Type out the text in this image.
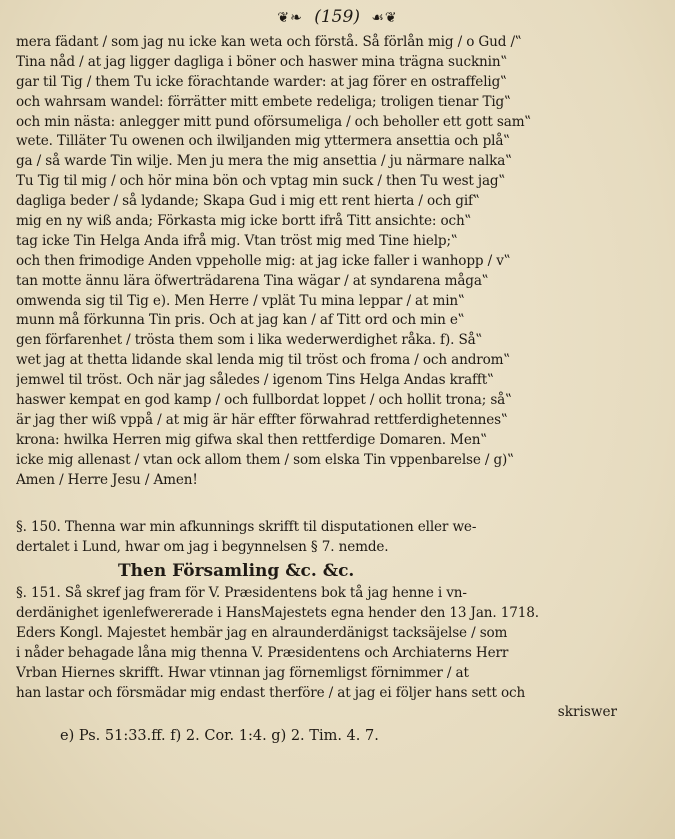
❦❧ (159) ☙❦
mera fädant / som jag nu icke kan weta och förstå. Så förlån mig / o Gud /‟
Tina nåd / at jag ligger dagliga i böner och haswer mina trägna sucknin‟
gar til Tig / them Tu icke förachtande warder: at jag förer en ostraffelig‟
och wahrsam wandel: förrätter mitt embete redeliga; troligen tienar Tig‟
och min nästa: anlegger mitt pund oförsumeliga / och beholler ett gott sam‟
wete. Tilläter Tu owenen och ilwiljanden mig yttermera ansettia och plå‟
ga / så warde Tin wilje. Men ju mera the mig ansettia / ju närmare nalka‟
Tu Tig til mig / och hör mina bön och vptag min suck / then Tu west jag‟
dagliga beder / så lydande; Skapa Gud i mig ett rent hierta / och gif‟
mig en ny wiß anda; Förkasta mig icke bortt ifrå Titt ansichte: och‟
tag icke Tin Helga Anda ifrå mig. Vtan tröst mig med Tine hielp;‟
och then frimodige Anden vppeholle mig: at jag icke faller i wanhopp / v‟
tan motte ännu lära öfwerträdarena Tina wägar / at syndarena måga‟
omwenda sig til Tig e). Men Herre / vplät Tu mina leppar / at min‟
munn må förkunna Tin pris. Och at jag kan / af Titt ord och min e‟
gen förfarenhet / trösta them som i lika wederwerdighet råka. f). Så‟
wet jag at thetta lidande skal lenda mig til tröst och froma / och androm‟
jemwel til tröst. Och när jag således / igenom Tins Helga Andas krafft‟
haswer kempat en god kamp / och fullbordat loppet / och hollit trona; så‟
är jag ther wiß vppå / at mig är här effter förwahrad rettferdighetennes‟
krona: hwilka Herren mig gifwa skal then rettferdige Domaren. Men‟
icke mig allenast / vtan ock allom them / som elska Tin vppenbarelse / g)‟
Amen / Herre Jesu / Amen!
§. 150. Thenna war min afkunnings skrifft til disputationen eller we‑
dertalet i Lund, hwar om jag i begynnelsen § 7. nemde.
Then Församling &c. &c.
§. 151. Så skref jag fram för V. Præsidentens bok tå jag henne i vn‑
derdänighet igenlefwererade i HansMajestets egna hender den 13 Jan. 1718.
Eders Kongl. Majestet hembär jag en alraunderdänigst tacksäjelse / som
i nåder behagade låna mig thenna V. Præsidentens och Archiaterns Herr
Vrban Hiernes skrifft. Hwar vtinnan jag förnemligst förnimmer / at
han lastar och försmädar mig endast therföre / at jag ei följer hans sett och
skriswer
e) Ps. 51:33.ff. f) 2. Cor. 1:4. g) 2. Tim. 4. 7.
